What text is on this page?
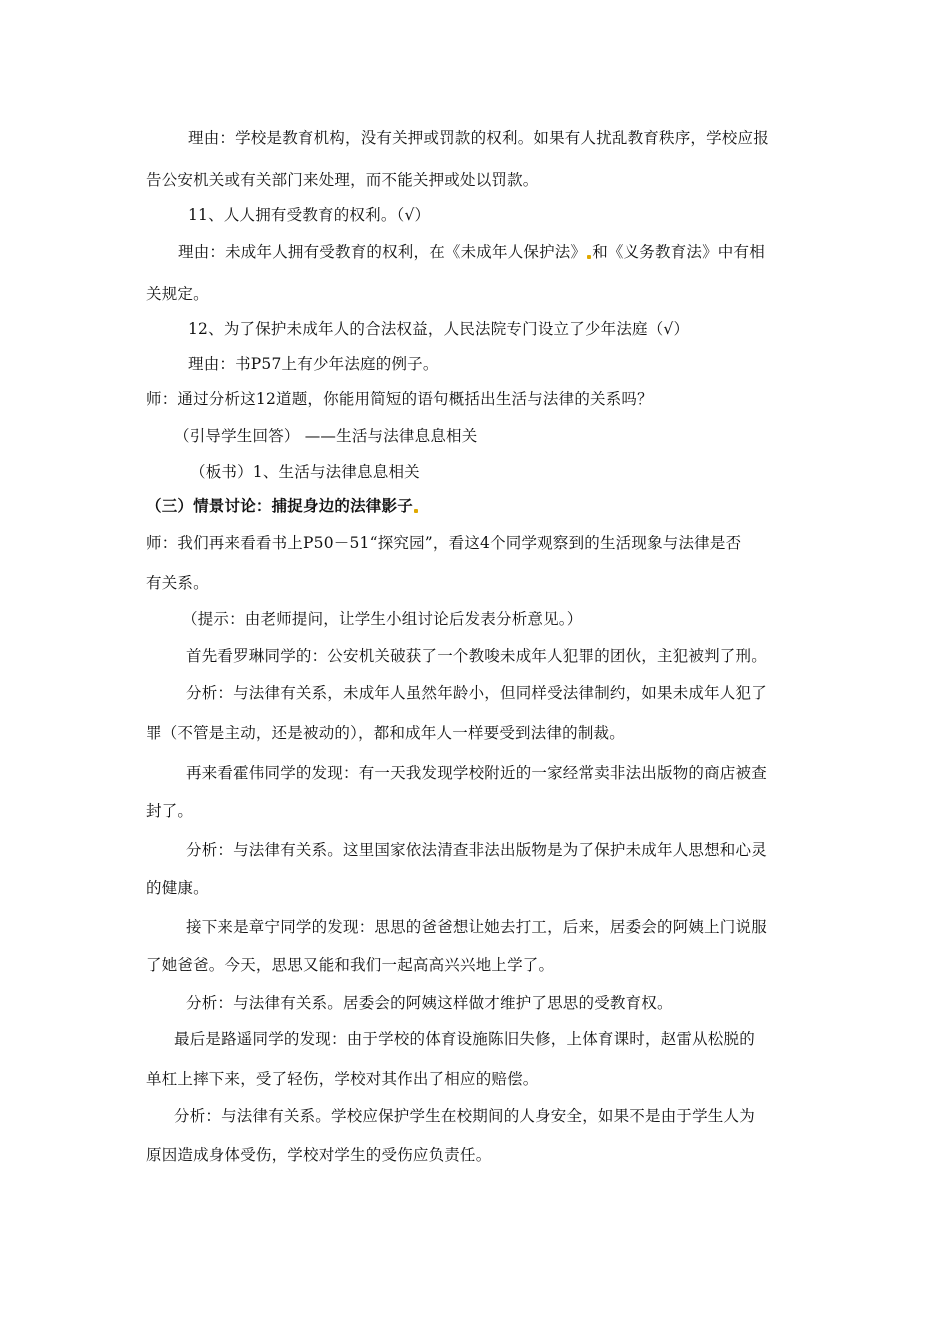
理由：学校是教育机构，没有关押或罚款的权利。如果有人扰乱教育秩序，学校应报
告公安机关或有关部门来处理，而不能关押或处以罚款。
11、人人拥有受教育的权利。（√）
理由：未成年人拥有受教育的权利，在《未成年人保护法》 和《义务教育法》中有相
关规定。
12、为了保护未成年人的合法权益，人民法院专门设立了少年法庭（√）
理由：书P57上有少年法庭的例子。
师：通过分析这12道题，你能用简短的语句概括出生活与法律的关系吗？
（引导学生回答） ——生活与法律息息相关
（板书）1、生活与法律息息相关
（三）情景讨论：捕捉身边的法律影子
师：我们再来看看书上P50－51“探究园”，看这4个同学观察到的生活现象与法律是否
有关系。
（提示：由老师提问，让学生小组讨论后发表分析意见。）
首先看罗琳同学的：公安机关破获了一个教唆未成年人犯罪的团伙，主犯被判了刑。
分析：与法律有关系，未成年人虽然年龄小，但同样受法律制约，如果未成年人犯了
罪（不管是主动，还是被动的），都和成年人一样要受到法律的制裁。
再来看霍伟同学的发现：有一天我发现学校附近的一家经常卖非法出版物的商店被查
封了。
分析：与法律有关系。这里国家依法清查非法出版物是为了保护未成年人思想和心灵
的健康。
接下来是章宁同学的发现：思思的爸爸想让她去打工，后来，居委会的阿姨上门说服
了她爸爸。今天，思思又能和我们一起高高兴兴地上学了。
分析：与法律有关系。居委会的阿姨这样做才维护了思思的受教育权。
最后是路遥同学的发现：由于学校的体育设施陈旧失修，上体育课时，赵雷从松脱的
单杠上摔下来，受了轻伤，学校对其作出了相应的赔偿。
分析：与法律有关系。学校应保护学生在校期间的人身安全，如果不是由于学生人为
原因造成身体受伤，学校对学生的受伤应负责任。
